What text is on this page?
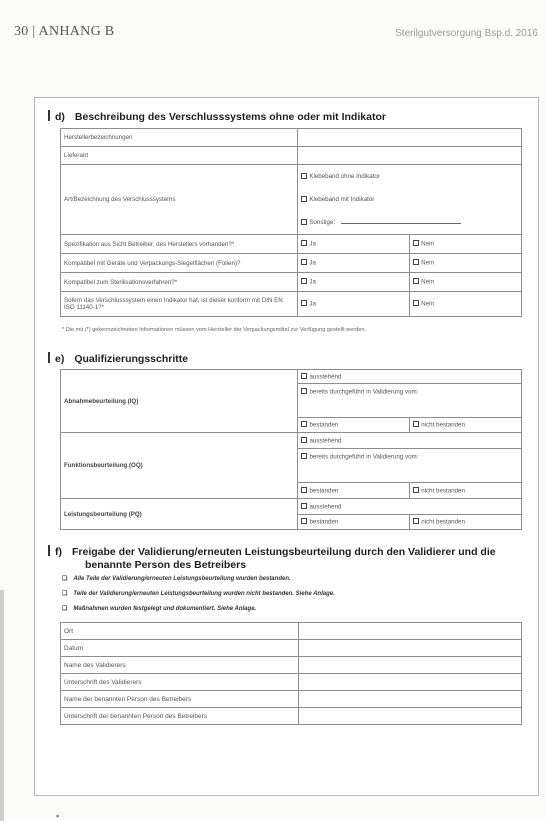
30 | ANHANG B	Sterilgutversorgung Bsp.d. 2016
d) Beschreibung des Verschlusssystems ohne oder mit Indikator
Herstellerbezeichnungen		
Lieferant		
Art/Bezeichnung des Verschlusssystems	Klebeband ohne Indikator
Klebeband mit Indikator
Sonstige:	

Spezifikation aus Sicht Betreiber, des Herstellers vorhanden?*	Ja	Nein
Kompatibel mit Geräte und Verpackungs-Siegelflächen (Folien)?	Ja	Nein
Kompatibel zum Sterilisationsverfahren?*	Ja	Nein
Sofern das Verschlusssystem einen Indikator hat, ist dieser konform mit DIN EN ISO 11140-1?*	Ja	Nein
* Die mit (*) gekennzeichneten Informationen müssen vom Hersteller der Verpackungsmittel zur Verfügung gestellt werden.
e) Qualifizierungsschritte
Abnahmebeurteilung (IQ)	ausstehend	
	bereits durchgeführt in Validierung vom:	
	bestanden	nicht bestanden
Funktionsbeurteilung (OQ)	ausstehend	
	bereits durchgeführt in Validierung vom:	
	bestanden	nicht bestanden
Leistungsbeurteilung (PQ)	ausstehend	
	bestanden	nicht bestanden
f) Freigabe der Validierung/erneuten Leistungsbeurteilung durch den Validierer und die
benannte Person des Betreibers
❑ Alle Teile der Validierung/erneuten Leistungsbeurteilung wurden bestanden.
❑ Teile der Validierung/erneuten Leistungsbeurteilung wurden nicht bestanden. Siehe Anlage.
❑ Maßnahmen wurden festgelegt und dokumentiert. Siehe Anlage.
Ort	
Datum	
Name des Validierers	
Unterschrift des Validierers	
Name der benannten Person des Betreibers	
Unterschrift der benannten Person des Betreibers	
▪
